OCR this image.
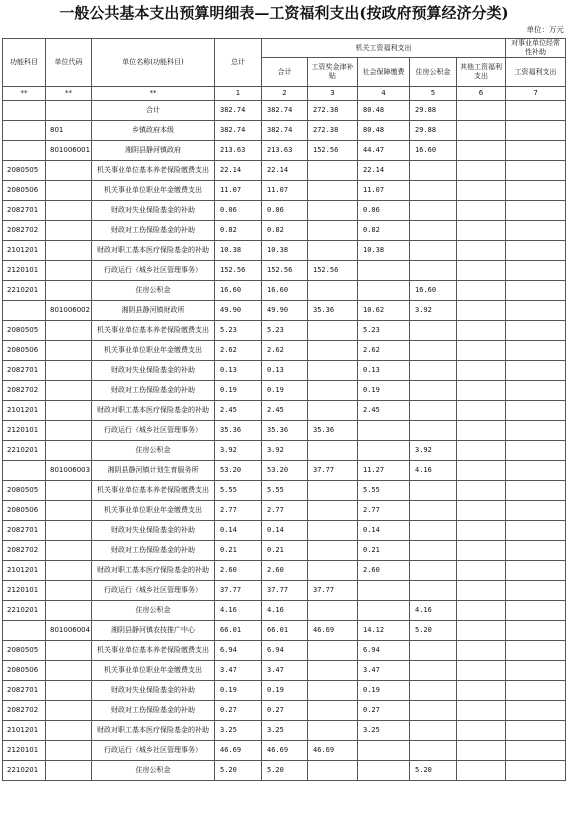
一般公共基本支出预算明细表—工资福利支出(按政府预算经济分类)
单位：万元
功能科目	单位代码	单位名称(功能科目)	总计	机关工资福利支出					对事业单位经常性补助
				合计	工资奖金津补贴	社会保障缴费	住房公积金	其他工资福利支出	工资福利支出
**	**	**	1	2	3	4	5	6	7
		合计	382.74	382.74	272.38	80.48	29.88		
	801	乡镇政府本级	382.74	382.74	272.38	80.48	29.88		
	801006001	湘阴县静河镇政府	213.63	213.63	152.56	44.47	16.60		
2080505		机关事业单位基本养老保险缴费支出	22.14	22.14		22.14			
2080506		机关事业单位职业年金缴费支出	11.07	11.07		11.07			
2082701		财政对失业保险基金的补助	0.06	0.06		0.06			
2082702		财政对工伤保险基金的补助	0.82	0.82		0.82			
2101201		财政对职工基本医疗保险基金的补助	10.38	10.38		10.38			
2120101		行政运行（城乡社区管理事务）	152.56	152.56	152.56				
2210201		住房公积金	16.60	16.60			16.60		
	801006002	湘阴县静河镇财政所	49.90	49.90	35.36	10.62	3.92		
2080505		机关事业单位基本养老保险缴费支出	5.23	5.23		5.23			
2080506		机关事业单位职业年金缴费支出	2.62	2.62		2.62			
2082701		财政对失业保险基金的补助	0.13	0.13		0.13			
2082702		财政对工伤保险基金的补助	0.19	0.19		0.19			
2101201		财政对职工基本医疗保险基金的补助	2.45	2.45		2.45			
2120101		行政运行（城乡社区管理事务）	35.36	35.36	35.36				
2210201		住房公积金	3.92	3.92			3.92		
	801006003	湘阴县静河镇计划生育服务所	53.20	53.20	37.77	11.27	4.16		
2080505		机关事业单位基本养老保险缴费支出	5.55	5.55		5.55			
2080506		机关事业单位职业年金缴费支出	2.77	2.77		2.77			
2082701		财政对失业保险基金的补助	0.14	0.14		0.14			
2082702		财政对工伤保险基金的补助	0.21	0.21		0.21			
2101201		财政对职工基本医疗保险基金的补助	2.60	2.60		2.60			
2120101		行政运行（城乡社区管理事务）	37.77	37.77	37.77				
2210201		住房公积金	4.16	4.16			4.16		
	801006004	湘阴县静河镇农技推广中心	66.01	66.01	46.69	14.12	5.20		
2080505		机关事业单位基本养老保险缴费支出	6.94	6.94		6.94			
2080506		机关事业单位职业年金缴费支出	3.47	3.47		3.47			
2082701		财政对失业保险基金的补助	0.19	0.19		0.19			
2082702		财政对工伤保险基金的补助	0.27	0.27		0.27			
2101201		财政对职工基本医疗保险基金的补助	3.25	3.25		3.25			
2120101		行政运行（城乡社区管理事务）	46.69	46.69	46.69				
2210201		住房公积金	5.20	5.20			5.20		
